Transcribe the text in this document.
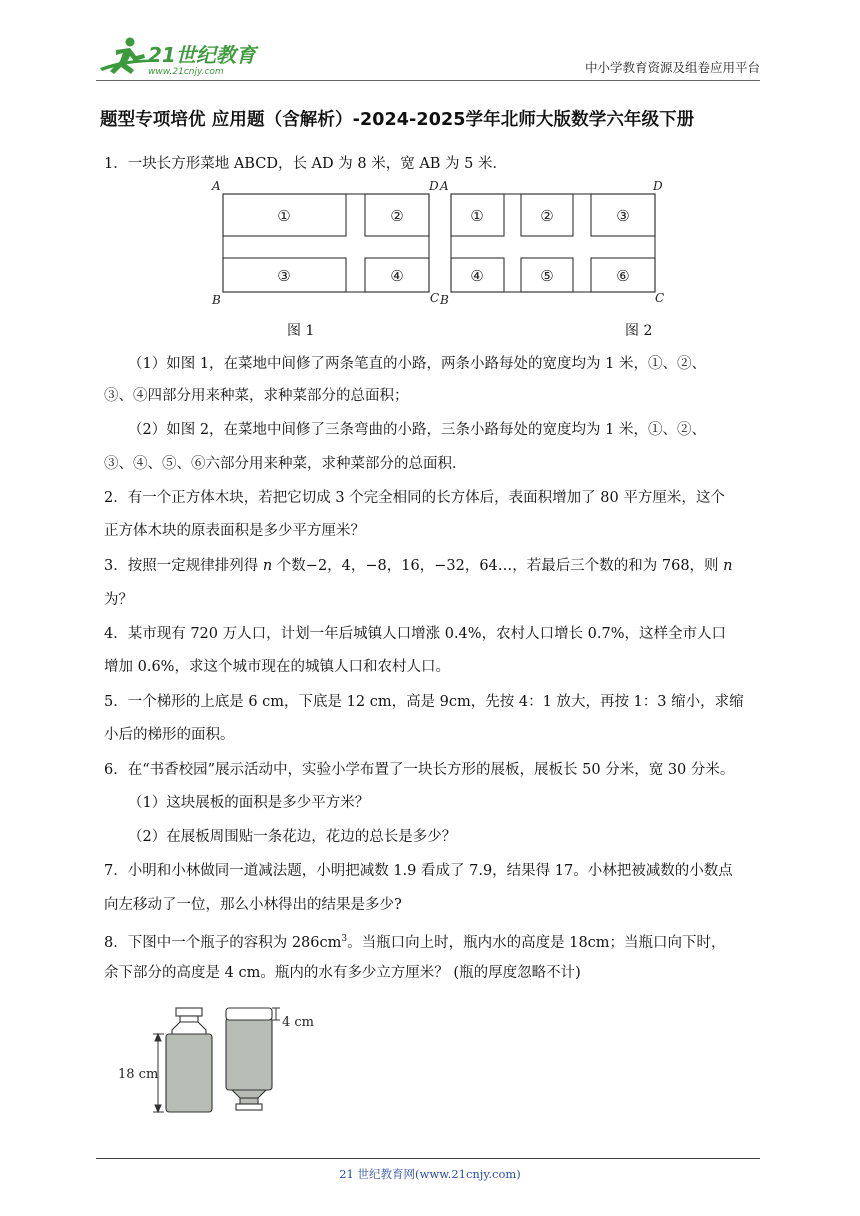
21世纪教育
www.21cnjy.com	中小学教育资源及组卷应用平台
题型专项培优 应用题（含解析）-2024-2025学年北师大版数学六年级下册
1．一块长方形菜地 ABCD，长 AD 为 8 米，宽 AB 为 5 米．
A	D
B	C
A	D
B	C
①	②
③	④
①	②	③
④	⑤	⑥
图 1	图 2
（1）如图 1，在菜地中间修了两条笔直的小路，两条小路每处的宽度均为 1 米，①、②、
③、④四部分用来种菜，求种菜部分的总面积；
（2）如图 2，在菜地中间修了三条弯曲的小路，三条小路每处的宽度均为 1 米，①、②、
③、④、⑤、⑥六部分用来种菜，求种菜部分的总面积．
2．有一个正方体木块，若把它切成 3 个完全相同的长方体后，表面积增加了 80 平方厘米，这个
正方体木块的原表面积是多少平方厘米？
3．按照一定规律排列得 n 个数−2，4，−8，16，−32，64…，若最后三个数的和为 768，则 n
为？
4．某市现有 720 万人口，计划一年后城镇人口增涨 0.4%，农村人口增长 0.7%，这样全市人口
增加 0.6%，求这个城市现在的城镇人口和农村人口。
5．一个梯形的上底是 6 cm，下底是 12 cm，高是 9cm，先按 4：1 放大，再按 1：3 缩小，求缩
小后的梯形的面积。
6．在“书香校园”展示活动中，实验小学布置了一块长方形的展板，展板长 50 分米，宽 30 分米。
（1）这块展板的面积是多少平方米？
（2）在展板周围贴一条花边，花边的总长是多少？
7．小明和小林做同一道减法题，小明把减数 1.9 看成了 7.9，结果得 17。小林把被减数的小数点
向左移动了一位，那么小林得出的结果是多少?
8．下图中一个瓶子的容积为 $286cm^3$。当瓶口向上时，瓶内水的高度是 18cm；当瓶口向下时，
余下部分的高度是 4 cm。瓶内的水有多少立方厘米？ (瓶的厚度忽略不计)
18 cm
4 cm
21 世纪教育网(www.21cnjy.com)
